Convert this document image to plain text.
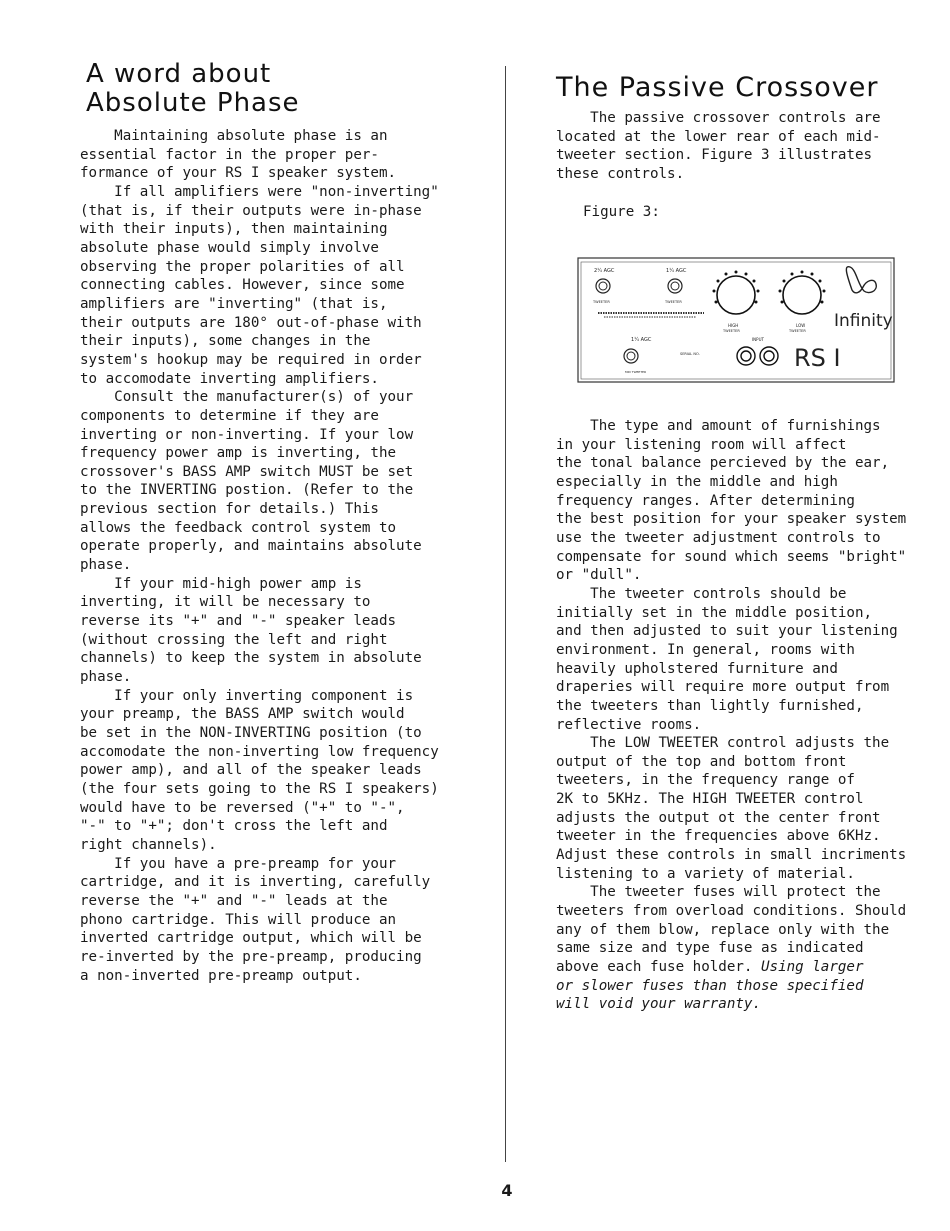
A word about
Absolute Phase
Maintaining absolute phase is an
essential factor in the proper per-
formance of your RS I speaker system.
If all amplifiers were "non-inverting"
(that is, if their outputs were in-phase
with their inputs), then maintaining
absolute phase would simply involve
observing the proper polarities of all
connecting cables. However, since some
amplifiers are "inverting" (that is,
their outputs are 180° out-of-phase with
their inputs), some changes in the
system's hookup may be required in order
to accomodate inverting amplifiers.
Consult the manufacturer(s) of your
components to determine if they are
inverting or non-inverting. If your low
frequency power amp is inverting, the
crossover's BASS AMP switch MUST be set
to the INVERTING postion. (Refer to the
previous section for details.) This
allows the feedback control system to
operate properly, and maintains absolute
phase.
If your mid-high power amp is
inverting, it will be necessary to
reverse its "+" and "-" speaker leads
(without crossing the left and right
channels) to keep the system in absolute
phase.
If your only inverting component is
your preamp, the BASS AMP switch would
be set in the NON-INVERTING position (to
accomodate the non-inverting low frequency
power amp), and all of the speaker leads
(the four sets going to the RS I speakers)
would have to be reversed ("+" to "-",
"-" to "+"; don't cross the left and
right channels).
If you have a pre-preamp for your
cartridge, and it is inverting, carefully
reverse the "+" and "-" leads at the
phono cartridge. This will produce an
inverted cartridge output, which will be
re-inverted by the pre-preamp, producing
a non-inverted pre-preamp output.
The Passive Crossover
The passive crossover controls are
located at the lower rear of each mid-
tweeter section. Figure 3 illustrates
these controls.
Figure 3:
2¼ AGC	1¼ AGC
1¼ AGC
TWEETER	TWEETER
HIGH
TWEETER
LOW
TWEETER Infinity
INPUT
SERIAL NO.
MID TWEETER	RS I
The type and amount of furnishings
in your listening room will affect
the tonal balance percieved by the ear,
especially in the middle and high
frequency ranges. After determining
the best position for your speaker system
use the tweeter adjustment controls to
compensate for sound which seems "bright"
or "dull".
The tweeter controls should be
initially set in the middle position,
and then adjusted to suit your listening
environment. In general, rooms with
heavily upholstered furniture and
draperies will require more output from
the tweeters than lightly furnished,
reflective rooms.
The LOW TWEETER control adjusts the
output of the top and bottom front
tweeters, in the frequency range of
2K to 5KHz. The HIGH TWEETER control
adjusts the output ot the center front
tweeter in the frequencies above 6KHz.
Adjust these controls in small incriments
listening to a variety of material.
The tweeter fuses will protect the
tweeters from overload conditions. Should
any of them blow, replace only with the
same size and type fuse as indicated
above each fuse holder. Using larger
or slower fuses than those specified
will void your warranty.
4
